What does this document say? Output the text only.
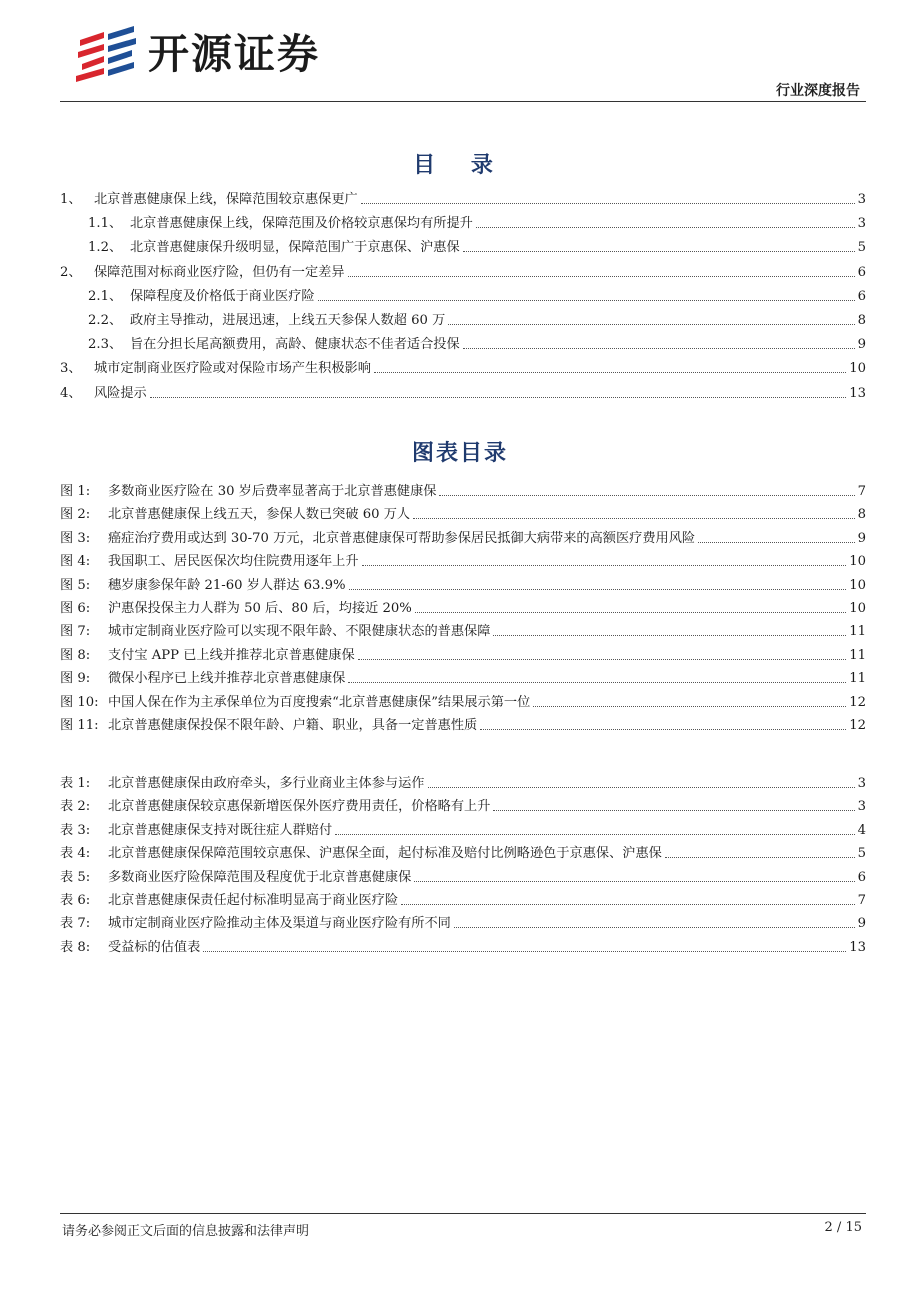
开源证券
行业深度报告
目 录
1、 北京普惠健康保上线，保障范围较京惠保更广	3
1.1、 北京普惠健康保上线，保障范围及价格较京惠保均有所提升	3
1.2、 北京普惠健康保升级明显，保障范围广于京惠保、沪惠保	5
2、 保障范围对标商业医疗险，但仍有一定差异	6
2.1、 保障程度及价格低于商业医疗险	6
2.2、 政府主导推动，进展迅速，上线五天参保人数超 60 万	8
2.3、 旨在分担长尾高额费用，高龄、健康状态不佳者适合投保	9
3、 城市定制商业医疗险或对保险市场产生积极影响	10
4、 风险提示	13
图表目录
图 1:	多数商业医疗险在 30 岁后费率显著高于北京普惠健康保	7
图 2:	北京普惠健康保上线五天，参保人数已突破 60 万人	8
图 3:	癌症治疗费用或达到 30-70 万元，北京普惠健康保可帮助参保居民抵御大病带来的高额医疗费用风险	9
图 4:	我国职工、居民医保次均住院费用逐年上升	10
图 5:	穗岁康参保年龄 21-60 岁人群达 63.9%	10
图 6:	沪惠保投保主力人群为 50 后、80 后，均接近 20%	10
图 7:	城市定制商业医疗险可以实现不限年龄、不限健康状态的普惠保障	11
图 8:	支付宝 APP 已上线并推荐北京普惠健康保	11
图 9:	微保小程序已上线并推荐北京普惠健康保	11
图 10: 中国人保在作为主承保单位为百度搜索“北京普惠健康保”结果展示第一位	12
图 11: 北京普惠健康保投保不限年龄、户籍、职业，具备一定普惠性质	12
表 1:	北京普惠健康保由政府牵头，多行业商业主体参与运作	3
表 2:	北京普惠健康保较京惠保新增医保外医疗费用责任，价格略有上升	3
表 3:	北京普惠健康保支持对既往症人群赔付	4
表 4:	北京普惠健康保保障范围较京惠保、沪惠保全面，起付标准及赔付比例略逊色于京惠保、沪惠保	5
表 5:	多数商业医疗险保障范围及程度优于北京普惠健康保	6
表 6:	北京普惠健康保责任起付标准明显高于商业医疗险	7
表 7:	城市定制商业医疗险推动主体及渠道与商业医疗险有所不同	9
表 8:	受益标的估值表	13
请务必参阅正文后面的信息披露和法律声明	2 / 15
